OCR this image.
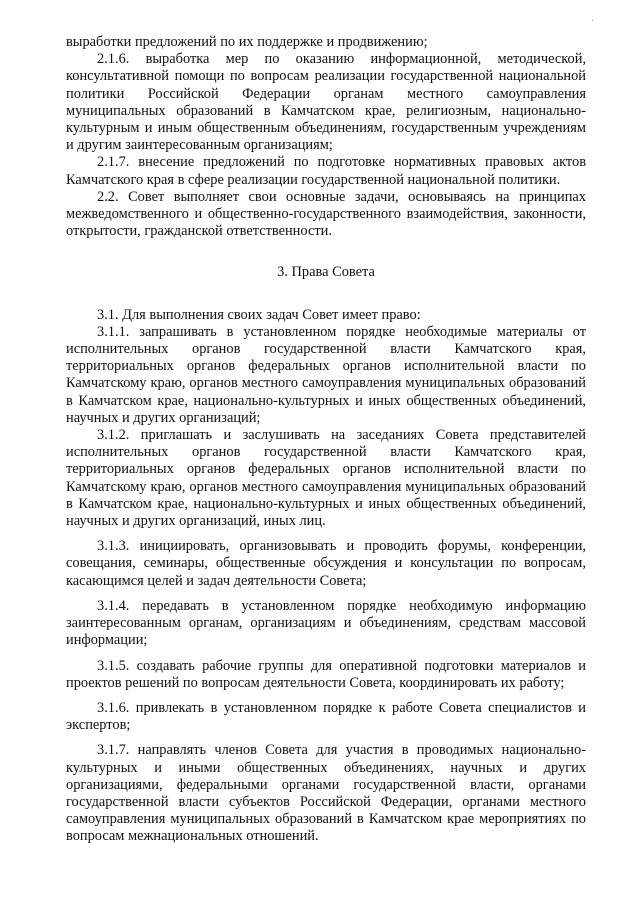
'

выработки предложений по их поддержке и продвижению;

2.1.6. выработка мер по оказанию информационной, методической, консультативной помощи по вопросам реализации государственной национальной политики Российской Федерации органам местного самоуправления муниципальных образований в Камчатском крае, религиозным, национально-культурным и иным общественным объединениям, государственным учреждениям и другим заинтересованным организациям;

2.1.7. внесение предложений по подготовке нормативных правовых актов Камчатского края в сфере реализации государственной национальной политики.

2.2. Совет выполняет свои основные задачи, основываясь на принципах межведомственного и общественно-государственного взаимодействия, законности, открытости, гражданской ответственности.

3. Права Совета

3.1. Для выполнения своих задач Совет имеет право:

3.1.1. запрашивать в установленном порядке необходимые материалы от исполнительных органов государственной власти Камчатского края, территориальных органов федеральных органов исполнительной власти по Камчатскому краю, органов местного самоуправления муниципальных образований в Камчатском крае, национально-культурных и иных общественных объединений, научных и других организаций;

3.1.2. приглашать и заслушивать на заседаниях Совета представителей исполнительных органов государственной власти Камчатского края, территориальных органов федеральных органов исполнительной власти по Камчатскому краю, органов местного самоуправления муниципальных образований в Камчатском крае, национально-культурных и иных общественных объединений, научных и других организаций, иных лиц.

3.1.3. инициировать, организовывать и проводить форумы, конференции, совещания, семинары, общественные обсуждения и консультации по вопросам, касающимся целей и задач деятельности Совета;

3.1.4. передавать в установленном порядке необходимую информацию заинтересованным органам, организациям и объединениям, средствам массовой информации;

3.1.5. создавать рабочие группы для оперативной подготовки материалов и проектов решений по вопросам деятельности Совета, координировать их работу;

3.1.6. привлекать в установленном порядке к работе Совета специалистов и экспертов;

3.1.7. направлять членов Совета для участия в проводимых национально-культурных и иными общественных объединениях, научных и других организациями, федеральными органами государственной власти, органами государственной власти субъектов Российской Федерации, органами местного самоуправления муниципальных образований в Камчатском крае мероприятиях по вопросам межнациональных отношений.
